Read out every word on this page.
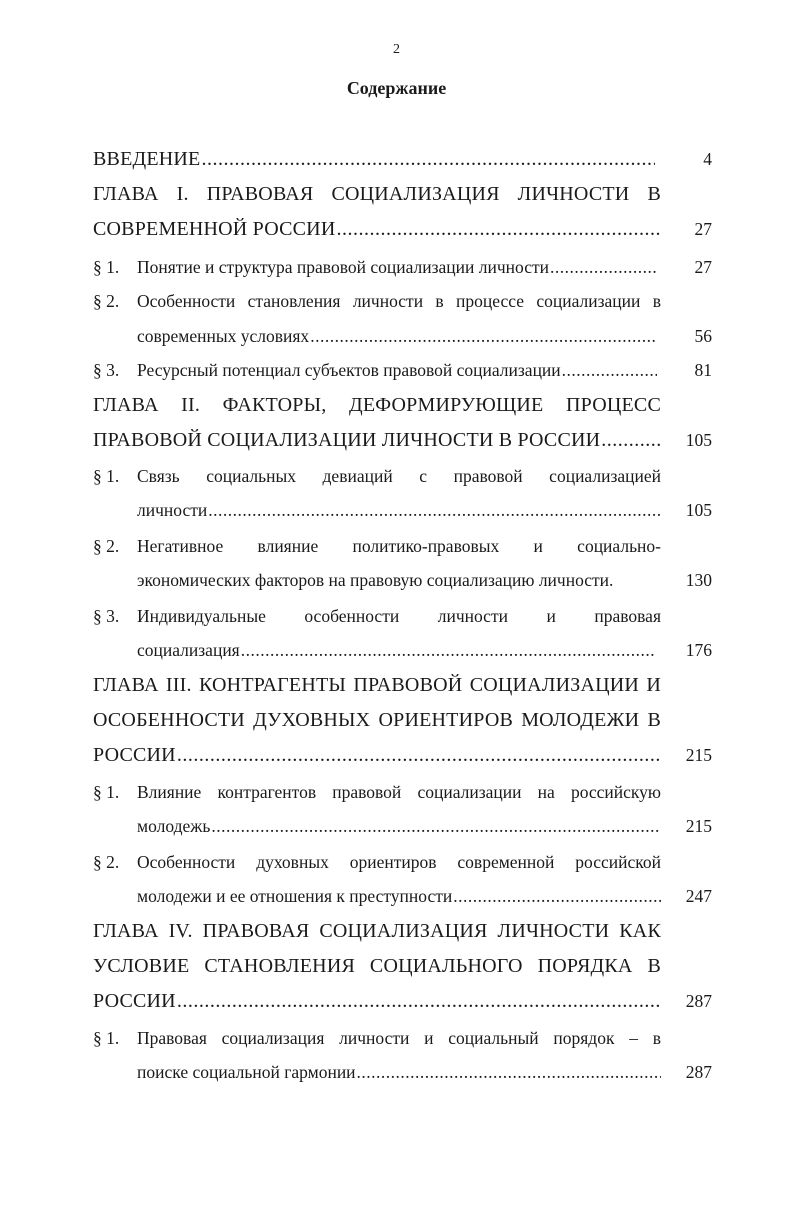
2
Содержание
ВВЕДЕНИЕ .....	4
ГЛАВА I. ПРАВОВАЯ СОЦИАЛИЗАЦИЯ ЛИЧНОСТИ В
СОВРЕМЕННОЙ РОССИИ .....	27
§ 1. Понятие и структура правовой социализации личности .....	27
§ 2. Особенности становления личности в процессе социализации в
современных условиях .....	56
§ 3. Ресурсный потенциал субъектов правовой социализации .....	81
ГЛАВА II. ФАКТОРЫ, ДЕФОРМИРУЮЩИЕ ПРОЦЕСС
ПРАВОВОЙ СОЦИАЛИЗАЦИИ ЛИЧНОСТИ В РОССИИ .....	105
§ 1. Связь социальных девиаций с правовой социализацией
личности .....	105
§ 2. Негативное влияние политико-правовых и социально-
экономических факторов на правовую социализацию личности.	130
§ 3. Индивидуальные особенности личности и правовая
социализация .....	176
ГЛАВА III. КОНТРАГЕНТЫ ПРАВОВОЙ СОЦИАЛИЗАЦИИ И
ОСОБЕННОСТИ ДУХОВНЫХ ОРИЕНТИРОВ МОЛОДЕЖИ В
РОССИИ .....	215
§ 1. Влияние контрагентов правовой социализации на российскую
молодежь .....	215
§ 2. Особенности духовных ориентиров современной российской
молодежи и ее отношения к преступности .....	247
ГЛАВА IV. ПРАВОВАЯ СОЦИАЛИЗАЦИЯ ЛИЧНОСТИ КАК
УСЛОВИЕ СТАНОВЛЕНИЯ СОЦИАЛЬНОГО ПОРЯДКА В
РОССИИ .....	287
§ 1. Правовая социализация личности и социальный порядок – в
поиске социальной гармонии .....	287
